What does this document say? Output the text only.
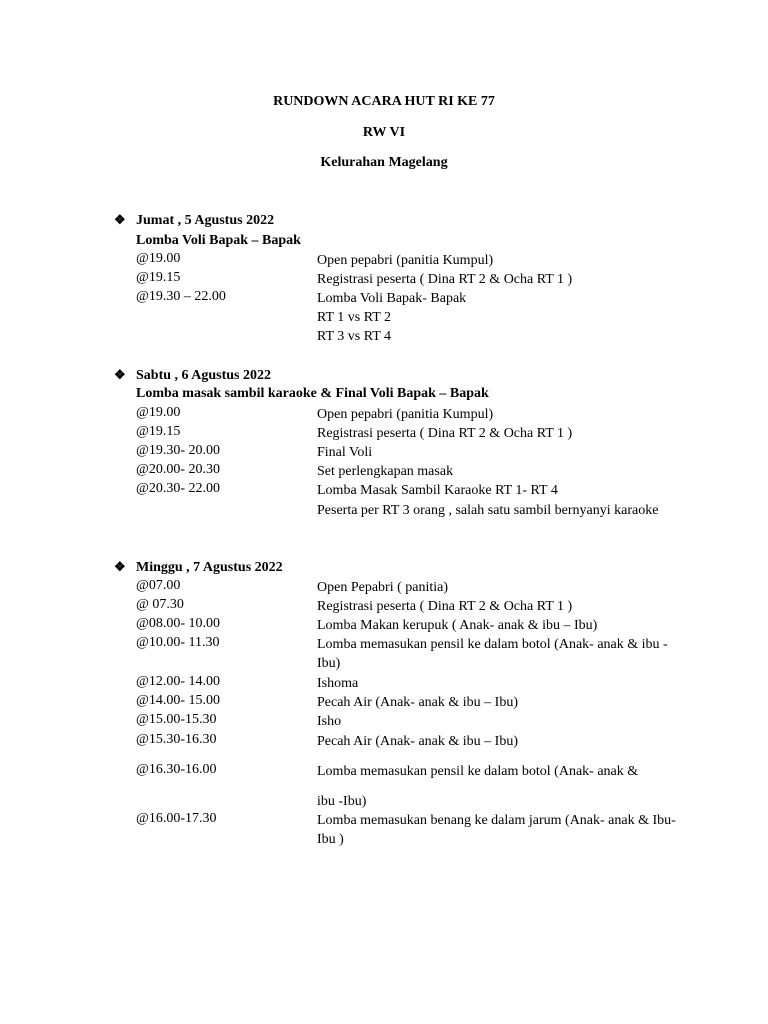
RUNDOWN ACARA HUT RI KE 77
RW VI
Kelurahan Magelang
❖ Jumat , 5 Agustus 2022
Lomba Voli Bapak – Bapak
@19.00	Open pepabri (panitia Kumpul)
@19.15	Registrasi peserta ( Dina RT 2 & Ocha RT 1 )
@19.30 – 22.00	Lomba Voli Bapak- Bapak
RT 1 vs RT 2
RT 3 vs RT 4
❖ Sabtu , 6 Agustus 2022
Lomba masak sambil karaoke & Final Voli Bapak – Bapak
@19.00	Open pepabri (panitia Kumpul)
@19.15	Registrasi peserta ( Dina RT 2 & Ocha RT 1 )
@19.30- 20.00	Final Voli
@20.00- 20.30	Set perlengkapan masak
@20.30- 22.00	Lomba Masak Sambil Karaoke RT 1- RT 4
Peserta per RT 3 orang , salah satu sambil bernyanyi karaoke
❖ Minggu , 7 Agustus 2022
@07.00	Open Pepabri ( panitia)
@ 07.30	Registrasi peserta ( Dina RT 2 & Ocha RT 1 )
@08.00- 10.00	Lomba Makan kerupuk ( Anak- anak & ibu – Ibu)
@10.00- 11.30	Lomba memasukan pensil ke dalam botol (Anak- anak & ibu - Ibu)
@12.00- 14.00	Ishoma
@14.00- 15.00	Pecah Air (Anak- anak & ibu – Ibu)
@15.00-15.30	Isho
@15.30-16.30	Pecah Air (Anak- anak & ibu – Ibu)
@16.30-16.00	Lomba memasukan pensil ke dalam botol (Anak- anak &
ibu -Ibu)
@16.00-17.30	Lomba memasukan benang ke dalam jarum (Anak- anak & Ibu- Ibu )
